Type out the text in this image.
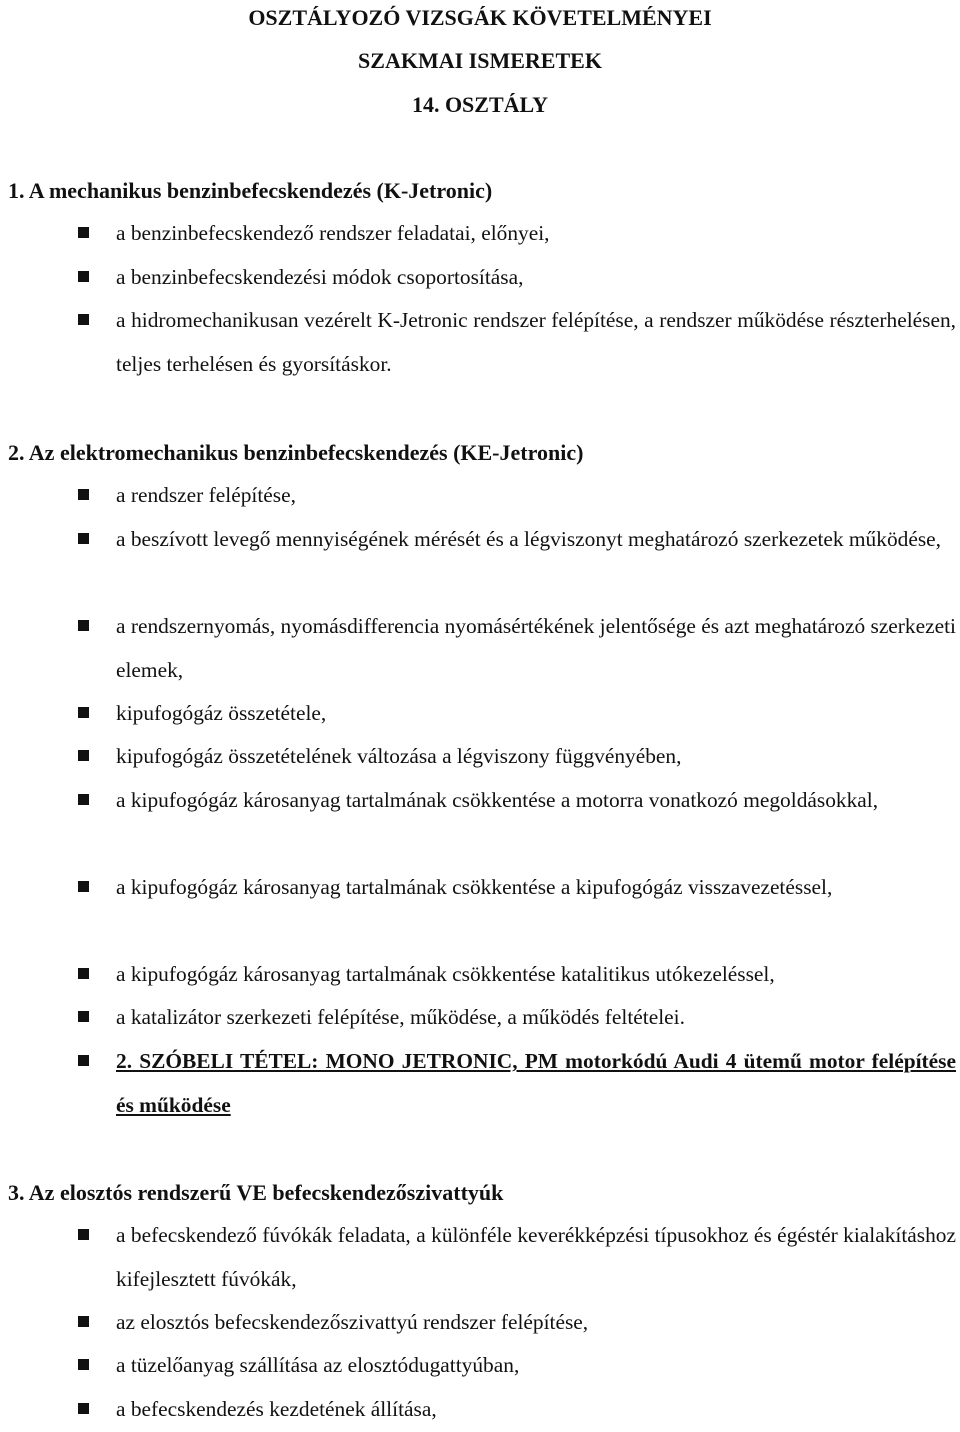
OSZTÁLYOZÓ VIZSGÁK KÖVETELMÉNYEI
SZAKMAI ISMERETEK
14. OSZTÁLY
1. A mechanikus benzinbefecskendezés (K-Jetronic)

a benzinbefecskendező rendszer feladatai, előnyei,

a benzinbefecskendezési módok csoportosítása,

a hidromechanikusan vezérelt K-Jetronic rendszer felépítése, a rendszer működése részterhelésen, teljes terhelésen és gyorsításkor.

2. Az elektromechanikus benzinbefecskendezés (KE-Jetronic)

a rendszer felépítése,

a beszívott levegő mennyiségének mérését és a légviszonyt meghatározó szerkezetek működése,

a rendszernyomás, nyomásdifferencia nyomásértékének jelentősége és azt meghatározó szerkezeti elemek,

kipufogógáz összetétele,

kipufogógáz összetételének változása a légviszony függvényében,

a kipufogógáz károsanyag tartalmának csökkentése a motorra vonatkozó megoldásokkal,

a kipufogógáz károsanyag tartalmának csökkentése a kipufogógáz visszavezetéssel,

a kipufogógáz károsanyag tartalmának csökkentése katalitikus utókezeléssel,

a katalizátor szerkezeti felépítése, működése, a működés feltételei.

2. SZÓBELI TÉTEL: MONO JETRONIC, PM motorkódú Audi 4 ütemű motor felépítése és működése

3. Az elosztós rendszerű VE befecskendezőszivattyúk

a befecskendező fúvókák feladata, a különféle keverékképzési típusokhoz és égéstér kialakításhoz kifejlesztett fúvókák,

az elosztós befecskendezőszivattyú rendszer felépítése,

a tüzelőanyag szállítása az elosztódugattyúban,

a befecskendezés kezdetének állítása,
